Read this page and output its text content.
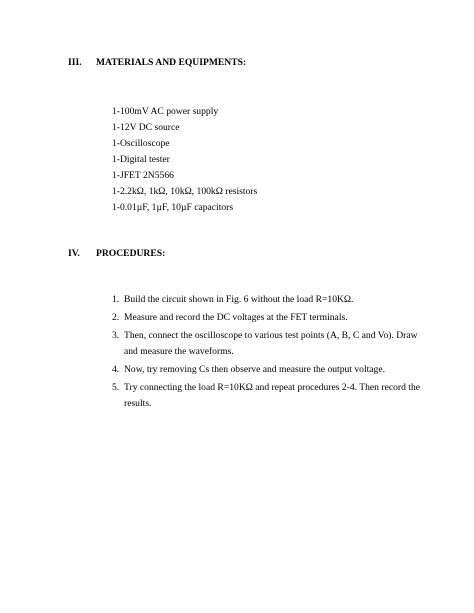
III. MATERIALS AND EQUIPMENTS:
1-100mV AC power supply
1-12V DC source
1-Oscilloscope
1-Digital tester
1-JFET 2N5566
1-2.2kΩ, 1kΩ, 10kΩ, 100kΩ resistors
1-0.01µF, 1µF, 10µF capacitors
IV. PROCEDURES:
1. Build the circuit shown in Fig. 6 without the load R=10KΩ.
2. Measure and record the DC voltages at the FET terminals.
3. Then, connect the oscilloscope to various test points (A, B, C and Vo). Draw and measure the waveforms.
4. Now, try removing Cs then observe and measure the output voltage.
5. Try connecting the load R=10KΩ and repeat procedures 2-4. Then record the results.
